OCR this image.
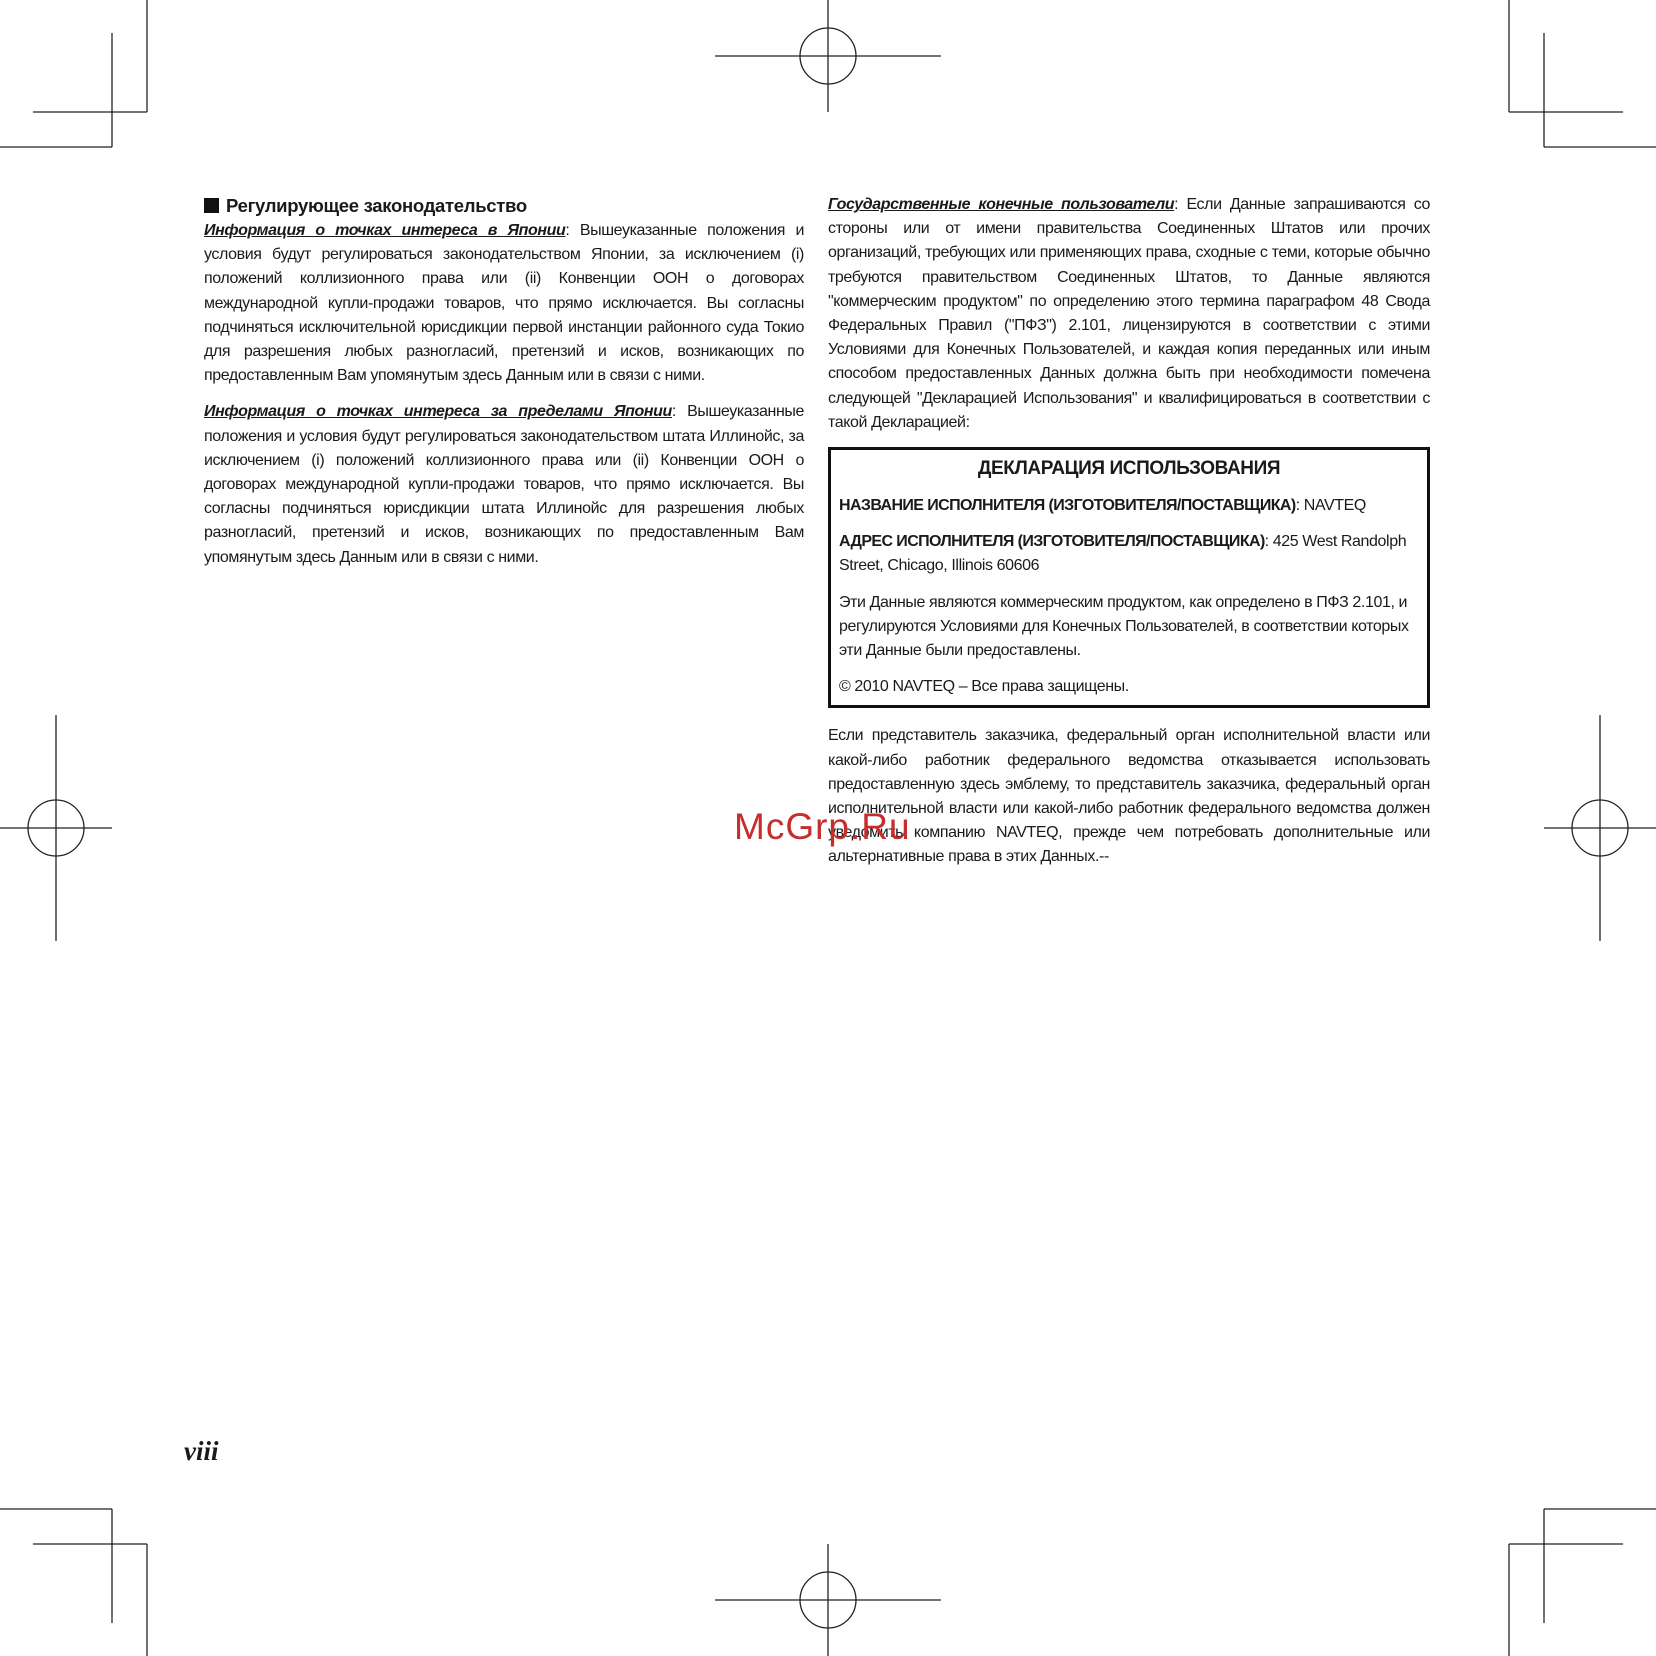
Регулирующее законодательство

Информация о точках интереса в Японии: Вышеуказанные положения и условия будут регулироваться законодательством Японии, за исключением (i) положений коллизионного права или (ii) Конвенции ООН о договорах международной купли-продажи товаров, что прямо исключается. Вы согласны подчиняться исключительной юрисдикции первой инстанции районного суда Токио для разрешения любых разногласий, претензий и исков, возникающих по предоставленным Вам упомянутым здесь Данным или в связи с ними.

Информация о точках интереса за пределами Японии: Вышеуказанные положения и условия будут регулироваться законодательством штата Иллинойс, за исключением (i) положений коллизионного права или (ii) Конвенции ООН о договорах международной купли-продажи товаров, что прямо исключается. Вы согласны подчиняться юрисдикции штата Иллинойс для разрешения любых разногласий, претензий и исков, возникающих по предоставленным Вам упомянутым здесь Данным или в связи с ними.

Государственные конечные пользователи: Если Данные запрашиваются со стороны или от имени правительства Соединенных Штатов или прочих организаций, требующих или применяющих права, сходные с теми, которые обычно требуются правительством Соединенных Штатов, то Данные являются "коммерческим продуктом" по определению этого термина параграфом 48 Свода Федеральных Правил ("ПФЗ") 2.101, лицензируются в соответствии с этими Условиями для Конечных Пользователей, и каждая копия переданных или иным способом предоставленных Данных должна быть при необходимости помечена следующей "Декларацией Использования" и квалифицироваться в соответствии с такой Декларацией:

ДЕКЛАРАЦИЯ ИСПОЛЬЗОВАНИЯ

НАЗВАНИЕ ИСПОЛНИТЕЛЯ (ИЗГОТОВИТЕЛЯ/ПОСТАВЩИКА): NAVTEQ

АДРЕС ИСПОЛНИТЕЛЯ (ИЗГОТОВИТЕЛЯ/ПОСТАВЩИКА): 425 West Randolph Street, Chicago, Illinois 60606

Эти Данные являются коммерческим продуктом, как определено в ПФЗ 2.101, и регулируются Условиями для Конечных Пользователей, в соответствии которых эти Данные были предоставлены.

© 2010 NAVTEQ – Все права защищены.

Если представитель заказчика, федеральный орган исполнительной власти или какой-либо работник федерального ведомства отказывается использовать предоставленную здесь эмблему, то представитель заказчика, федеральный орган исполнительной власти или какой-либо работник федерального ведомства должен уведомить компанию NAVTEQ, прежде чем потребовать дополнительные или альтернативные права в этих Данных.--

McGrp.Ru
viii
